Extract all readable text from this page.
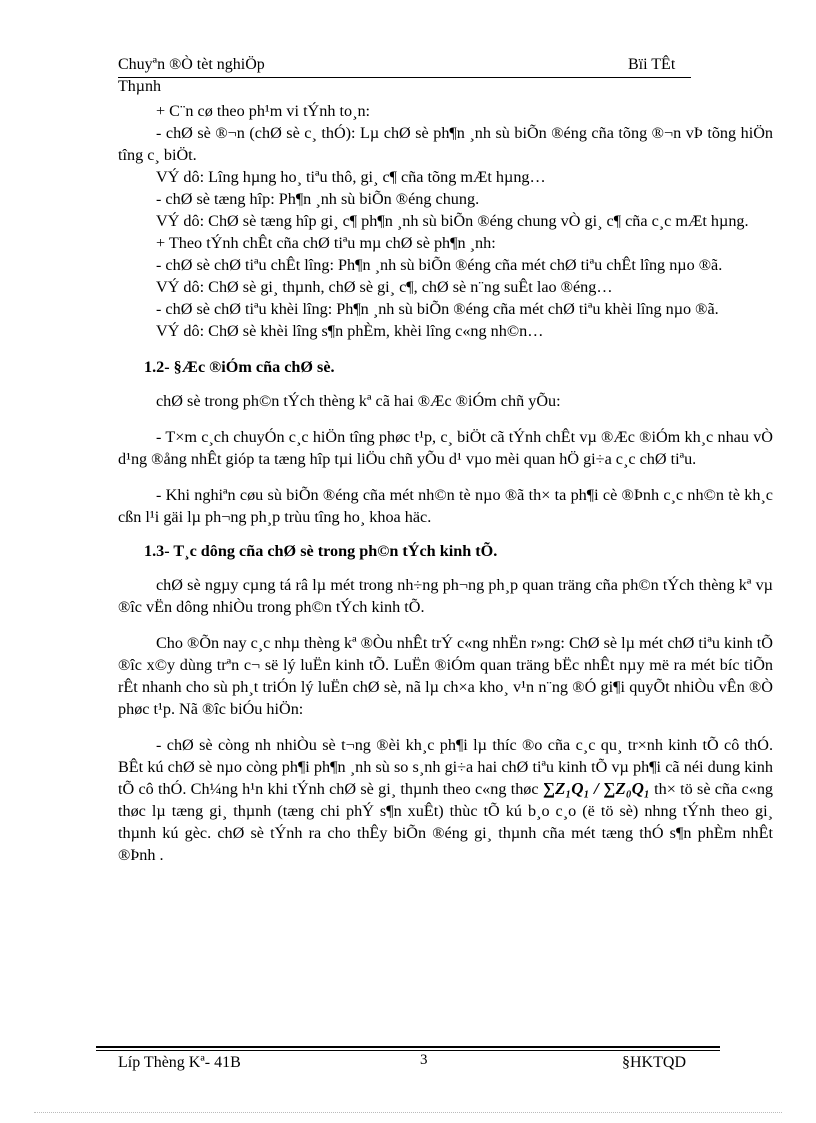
Chuyªn ®Ò tèt nghiÖp	Bïi TÊt
Thµnh

+ C¨n cø theo ph¹m vi tÝnh to¸n:

- chØ sè ®¬n (chØ sè c¸ thÓ): Lµ chØ sè ph¶n ¸nh sù biÕn ®éng cña tõng ®¬n vÞ tõng hiÖn tîng c¸ biÖt.

VÝ dô: Lîng hµng ho¸ tiªu thô, gi¸ c¶ cña tõng mÆt hµng…

- chØ sè tæng hîp: Ph¶n ¸nh sù biÕn ®éng chung.

VÝ dô: ChØ sè tæng hîp gi¸ c¶ ph¶n ¸nh sù biÕn ®éng chung vÒ gi¸ c¶ cña c¸c mÆt hµng.

+ Theo tÝnh chÊt cña chØ tiªu mµ chØ sè ph¶n ¸nh:

- chØ sè chØ tiªu chÊt lîng: Ph¶n ¸nh sù biÕn ®éng cña mét chØ tiªu chÊt lîng nµo ®ã.

VÝ dô: ChØ sè gi¸ thµnh, chØ sè gi¸ c¶, chØ sè n¨ng suÊt lao ®éng…

- chØ sè chØ tiªu khèi lîng: Ph¶n ¸nh sù biÕn ®éng cña mét chØ tiªu khèi lîng nµo ®ã.

VÝ dô: ChØ sè khèi lîng s¶n phÈm, khèi lîng c«ng nh©n…

1.2- §Æc ®iÓm cña chØ sè.

chØ sè trong ph©n tÝch thèng kª cã hai ®Æc ®iÓm chñ yÕu:

- T×m c¸ch chuyÓn c¸c hiÖn tîng phøc t¹p, c¸ biÖt cã tÝnh chÊt vµ ®Æc ®iÓm kh¸c nhau vÒ d¹ng ®ång nhÊt gióp ta tæng hîp tµi liÖu chñ yÕu d¹ vµo mèi quan hÖ gi÷a c¸c chØ tiªu.

- Khi nghiªn cøu sù biÕn ®éng cña mét nh©n tè nµo ®ã th× ta ph¶i cè ®Þnh c¸c nh©n tè kh¸c cßn l¹i gäi lµ ph¬ng ph¸p trùu tîng ho¸ khoa häc.

1.3- T¸c dông cña chØ sè trong ph©n tÝch kinh tÕ.

chØ sè ngµy cµng tá râ lµ mét trong nh÷ng ph¬ng ph¸p quan träng cña ph©n tÝch thèng kª vµ ®îc vËn dông nhiÒu trong ph©n tÝch kinh tÕ.

Cho ®Õn nay c¸c nhµ thèng kª ®Òu nhÊt trÝ c«ng nhËn r»ng: ChØ sè lµ mét chØ tiªu kinh tÕ ®îc x©y dùng trªn c¬ së lý luËn kinh tÕ. LuËn ®iÓm quan träng bËc nhÊt nµy më ra mét bíc tiÕn rÊt nhanh cho sù ph¸t triÓn lý luËn chØ sè, nã lµ ch×a kho¸ v¹n n¨ng ®Ó gi¶i quyÕt nhiÒu vÊn ®Ò phøc t¹p. Nã ®îc biÓu hiÖn:

- chØ sè còng nh nhiÒu sè t¬ng ®èi kh¸c ph¶i lµ thíc ®o cña c¸c qu¸ tr×nh kinh tÕ cô thÓ. BÊt kú chØ sè nµo còng ph¶i ph¶n ¸nh sù so s¸nh gi÷a hai chØ tiªu kinh tÕ vµ ph¶i cã néi dung kinh tÕ cô thÓ. Ch¼ng h¹n khi tÝnh chØ sè gi¸ thµnh theo c«ng thøc ∑Z₁Q₁ / ∑Z₀Q₁ th× tö sè cña c«ng thøc lµ tæng gi¸ thµnh (tæng chi phÝ s¶n xuÊt) thùc tÕ kú b¸o c¸o (ë tö sè) nhng tÝnh theo gi¸ thµnh kú gèc. chØ sè tÝnh ra cho thÊy biÕn ®éng gi¸ thµnh cña mét tæng thÓ s¶n phÈm nhÊt ®Þnh .

Líp Thèng Kª- 41B	3	§HKTQD
